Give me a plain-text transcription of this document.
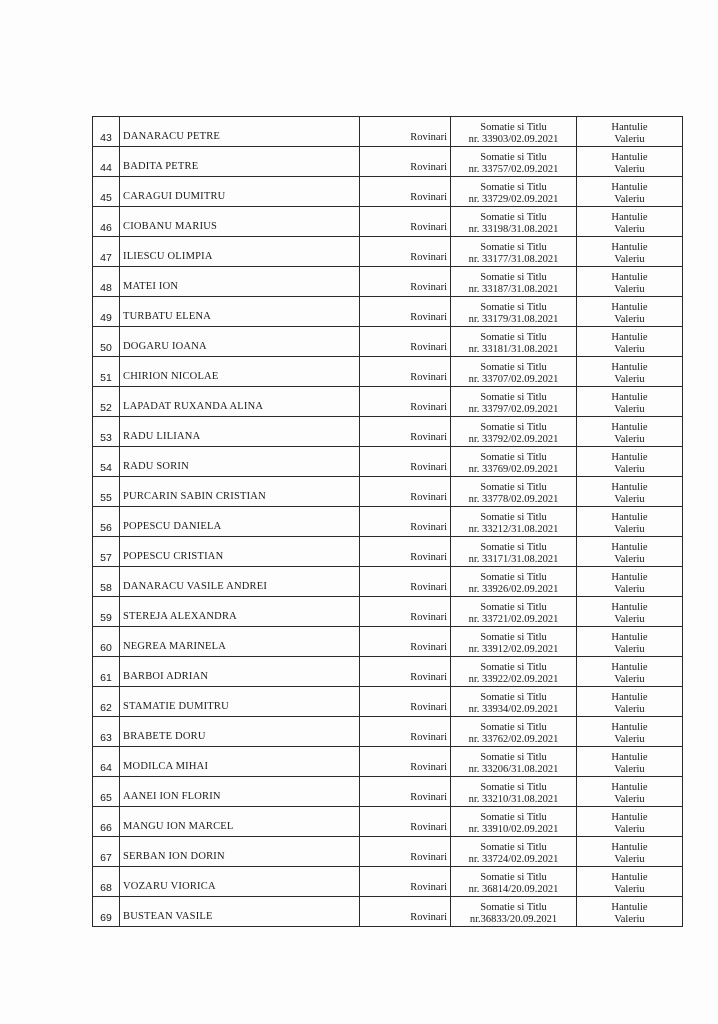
43	DANARACU PETRE	Rovinari	Somatie si Titlu
nr. 33903/02.09.2021	Hantulie
Valeriu

44	BADITA PETRE	Rovinari	Somatie si Titlu
nr. 33757/02.09.2021	Hantulie
Valeriu

45	CARAGUI DUMITRU	Rovinari	Somatie si Titlu
nr. 33729/02.09.2021	Hantulie
Valeriu

46	CIOBANU MARIUS	Rovinari	Somatie si Titlu
nr. 33198/31.08.2021	Hantulie
Valeriu

47	ILIESCU OLIMPIA	Rovinari	Somatie si Titlu
nr. 33177/31.08.2021	Hantulie
Valeriu

48	MATEI ION	Rovinari	Somatie si Titlu
nr. 33187/31.08.2021	Hantulie
Valeriu

49	TURBATU ELENA	Rovinari	Somatie si Titlu
nr. 33179/31.08.2021	Hantulie
Valeriu

50	DOGARU IOANA	Rovinari	Somatie si Titlu
nr. 33181/31.08.2021	Hantulie
Valeriu

51	CHIRION NICOLAE	Rovinari	Somatie si Titlu
nr. 33707/02.09.2021	Hantulie
Valeriu

52	LAPADAT RUXANDA ALINA	Rovinari	Somatie si Titlu
nr. 33797/02.09.2021	Hantulie
Valeriu

53	RADU LILIANA	Rovinari	Somatie si Titlu
nr. 33792/02.09.2021	Hantulie
Valeriu

54	RADU SORIN	Rovinari	Somatie si Titlu
nr. 33769/02.09.2021	Hantulie
Valeriu

55	PURCARIN SABIN CRISTIAN	Rovinari	Somatie si Titlu
nr. 33778/02.09.2021	Hantulie
Valeriu

56	POPESCU DANIELA	Rovinari	Somatie si Titlu
nr. 33212/31.08.2021	Hantulie
Valeriu

57	POPESCU CRISTIAN	Rovinari	Somatie si Titlu
nr. 33171/31.08.2021	Hantulie
Valeriu

58	DANARACU VASILE ANDREI	Rovinari	Somatie si Titlu
nr. 33926/02.09.2021	Hantulie
Valeriu

59	STEREJA ALEXANDRA	Rovinari	Somatie si Titlu
nr. 33721/02.09.2021	Hantulie
Valeriu

60	NEGREA MARINELA	Rovinari	Somatie si Titlu
nr. 33912/02.09.2021	Hantulie
Valeriu

61	BARBOI ADRIAN	Rovinari	Somatie si Titlu
nr. 33922/02.09.2021	Hantulie
Valeriu

62	STAMATIE DUMITRU	Rovinari	Somatie si Titlu
nr. 33934/02.09.2021	Hantulie
Valeriu

63	BRABETE DORU	Rovinari	Somatie si Titlu
nr. 33762/02.09.2021	Hantulie
Valeriu

64	MODILCA MIHAI	Rovinari	Somatie si Titlu
nr. 33206/31.08.2021	Hantulie
Valeriu

65	AANEI ION FLORIN	Rovinari	Somatie si Titlu
nr. 33210/31.08.2021	Hantulie
Valeriu

66	MANGU ION MARCEL	Rovinari	Somatie si Titlu
nr. 33910/02.09.2021	Hantulie
Valeriu

67	SERBAN ION DORIN	Rovinari	Somatie si Titlu
nr. 33724/02.09.2021	Hantulie
Valeriu

68	VOZARU VIORICA	Rovinari	Somatie si Titlu
nr. 36814/20.09.2021	Hantulie
Valeriu

69	BUSTEAN VASILE	Rovinari	Somatie si Titlu
nr.36833/20.09.2021	Hantulie
Valeriu
